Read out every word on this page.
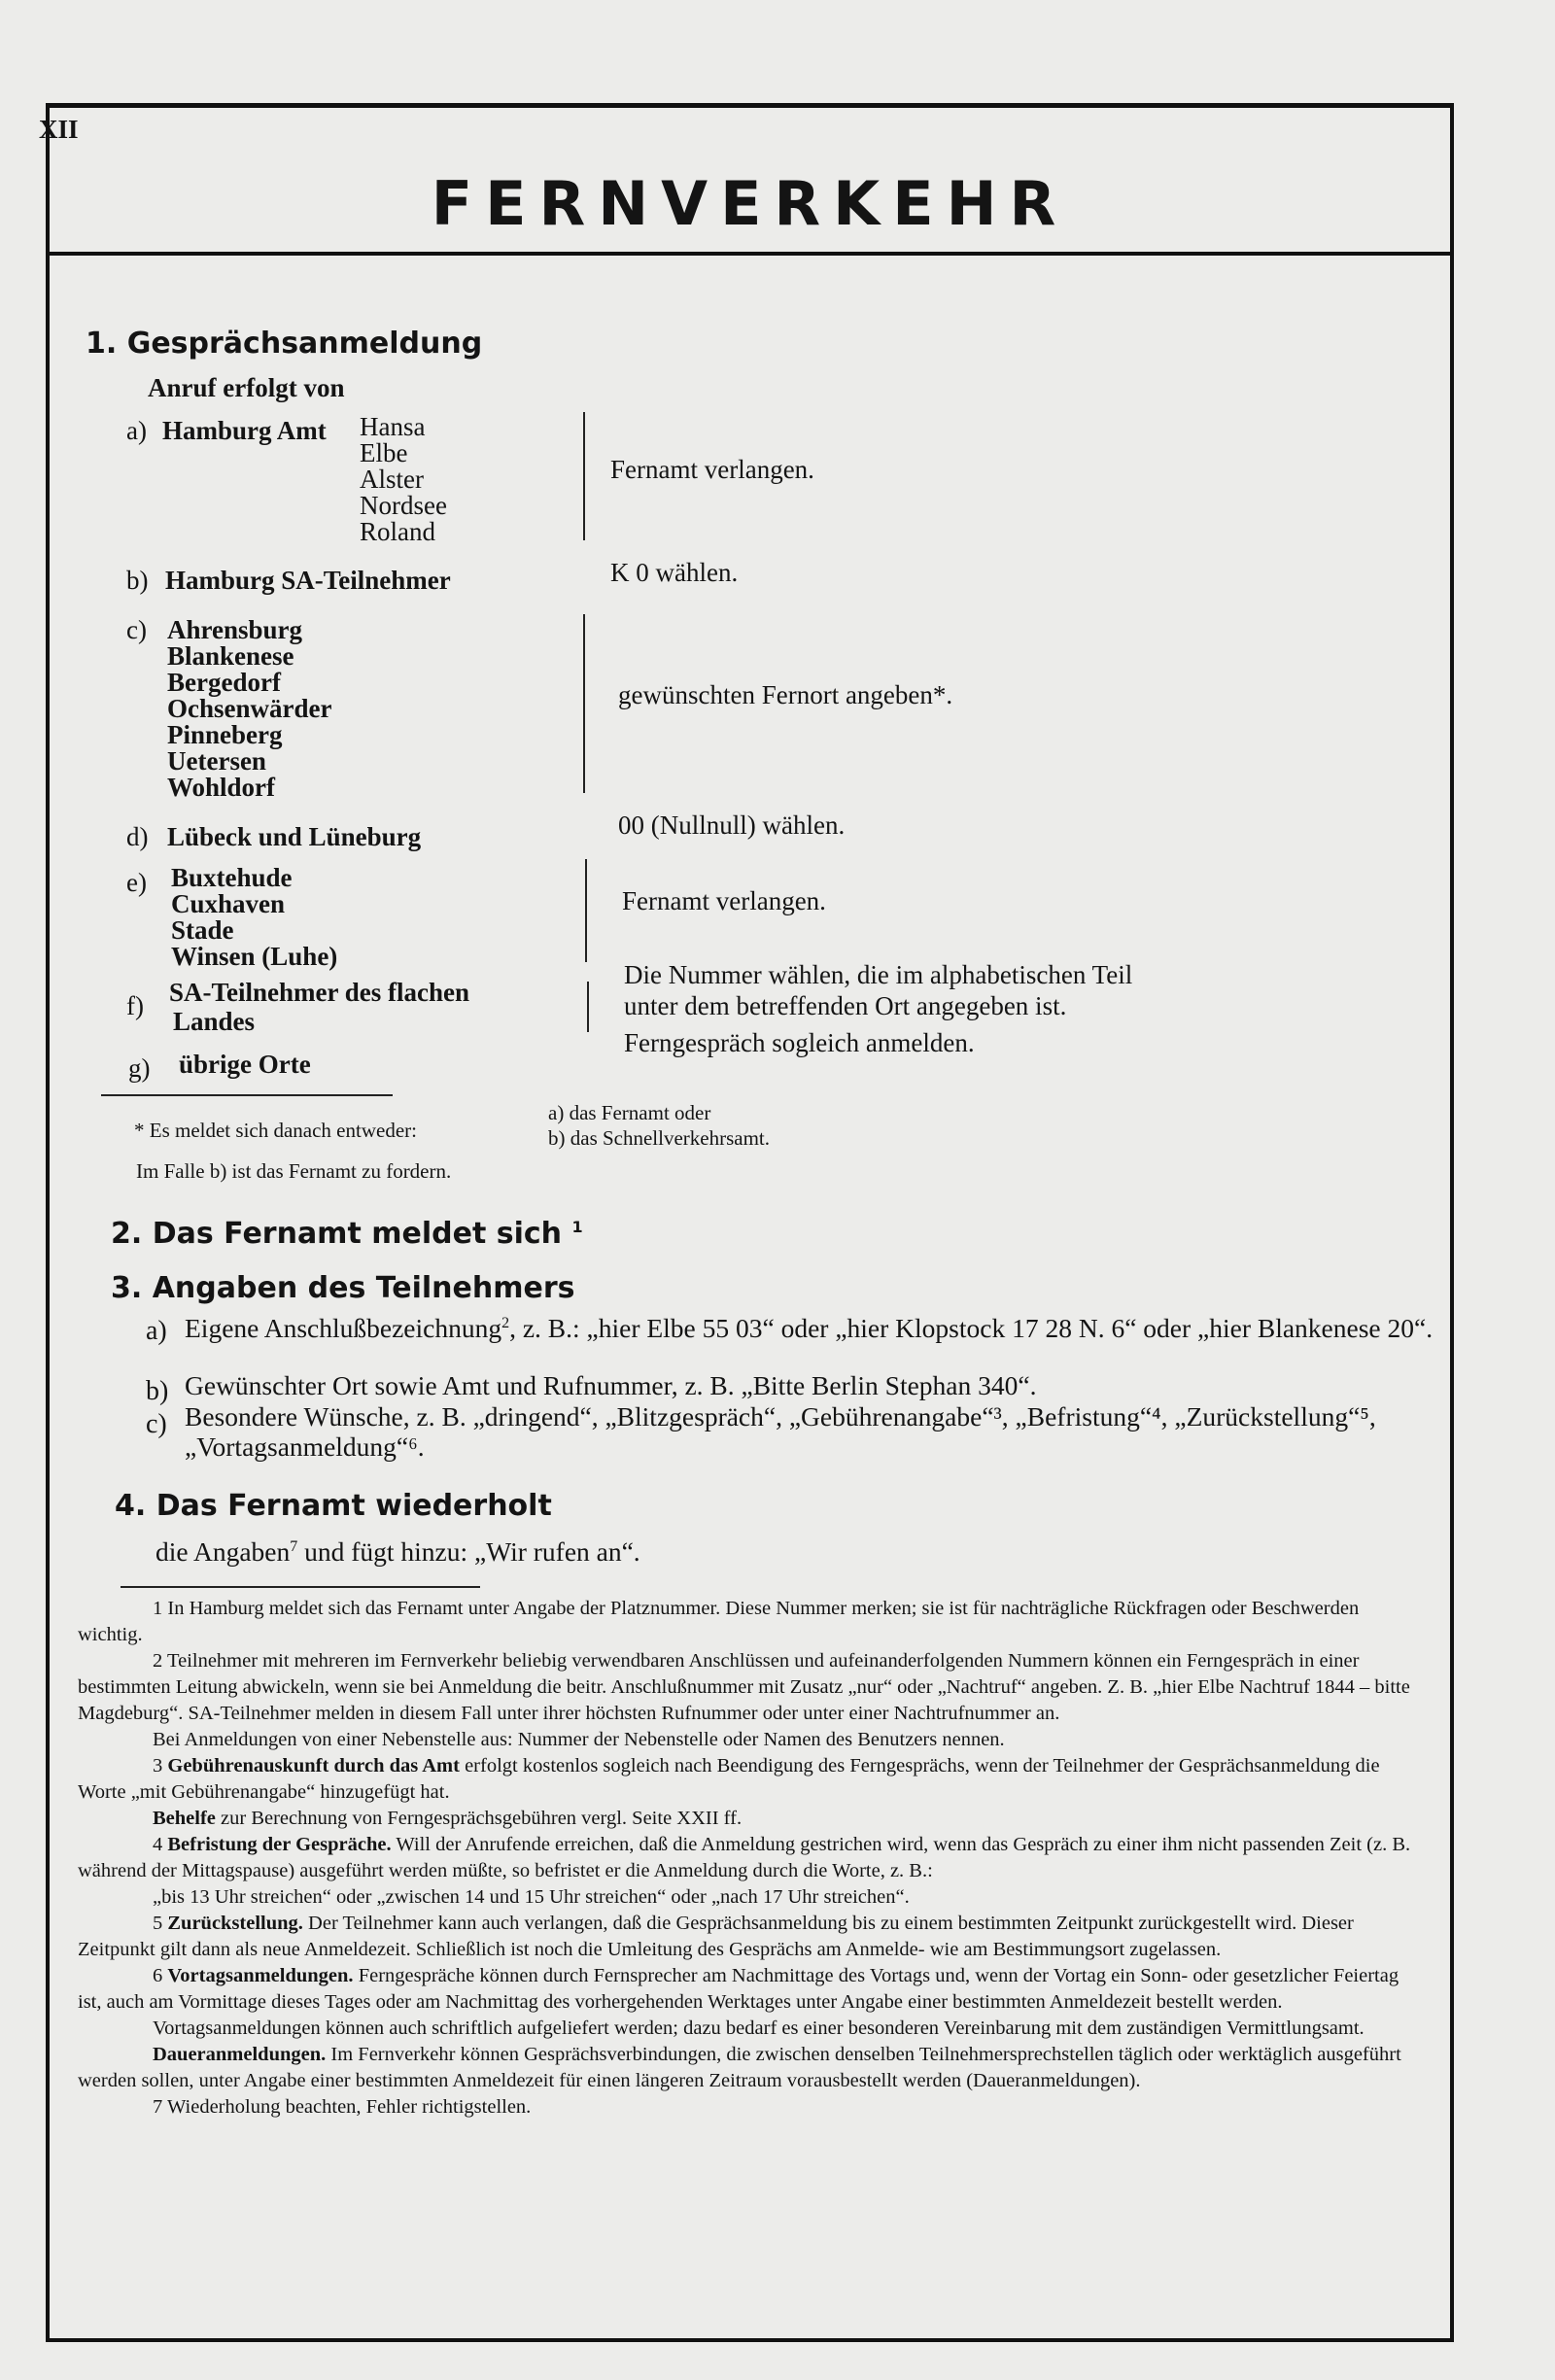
XII
FERNVERKEHR
1. Gesprächsanmeldung
Anruf erfolgt von
a) Hamburg Amt Hansa
Elbe
Alster
Nordsee
Roland
Fernamt verlangen.
b) Hamburg SA-Teilnehmer	K 0 wählen.
c) Ahrensburg
Blankenese
Bergedorf
Ochsenwärder
Pinneberg
Uetersen
Wohldorf
gewünschten Fernort angeben*.
d) Lübeck und Lüneburg	00 (Nullnull) wählen.
e) Buxtehude
Cuxhaven
Stade
Winsen (Luhe)
Fernamt verlangen.
f) SA-Teilnehmer des flachen
Landes
Die Nummer wählen, die im alphabetischen Teil
unter dem betreffenden Ort angegeben ist.
g) übrige Orte
Ferngespräch sogleich anmelden.
* Es meldet sich danach entweder:
a) das Fernamt oder
b) das Schnellverkehrsamt.
Im Falle b) ist das Fernamt zu fordern.
2. Das Fernamt meldet sich $^1$
3. Angaben des Teilnehmers
a) Eigene Anschlußbezeichnung$^2$, z. B.: „hier Elbe 55 03“ oder „hier Klopstock 17 28 N. 6“ oder „hier Blankenese 20“.
b) Gewünschter Ort sowie Amt und Rufnummer, z. B. „Bitte Berlin Stephan 340“.
c) Besondere Wünsche, z. B. „dringend“, „Blitzgespräch“, „Gebührenangabe“³, „Befristung“⁴, „Zurückstellung“⁵, „Vortagsanmeldung“⁶.
4. Das Fernamt wiederholt
die Angaben$^7$ und fügt hinzu: „Wir rufen an“.

1 In Hamburg meldet sich das Fernamt unter Angabe der Platznummer. Diese Nummer merken; sie ist für nachträgliche Rückfragen oder Beschwerden wichtig.

2 Teilnehmer mit mehreren im Fernverkehr beliebig verwendbaren Anschlüssen und aufeinanderfolgenden Nummern können ein Ferngespräch in einer bestimmten Leitung abwickeln, wenn sie bei Anmeldung die beitr. Anschlußnummer mit Zusatz „nur“ oder „Nachtruf“ angeben. Z. B. „hier Elbe Nachtruf 1844 – bitte Magdeburg“. SA-Teilnehmer melden in diesem Fall unter ihrer höchsten Rufnummer oder unter einer Nachtrufnummer an.

Bei Anmeldungen von einer Nebenstelle aus: Nummer der Nebenstelle oder Namen des Benutzers nennen.

3 Gebührenauskunft durch das Amt erfolgt kostenlos sogleich nach Beendigung des Ferngesprächs, wenn der Teilnehmer der Gesprächsanmeldung die Worte „mit Gebührenangabe“ hinzugefügt hat.

Behelfe zur Berechnung von Ferngesprächsgebühren vergl. Seite XXII ff.

4 Befristung der Gespräche. Will der Anrufende erreichen, daß die Anmeldung gestrichen wird, wenn das Gespräch zu einer ihm nicht passenden Zeit (z. B. während der Mittagspause) ausgeführt werden müßte, so befristet er die Anmeldung durch die Worte, z. B.:

„bis 13 Uhr streichen“ oder „zwischen 14 und 15 Uhr streichen“ oder „nach 17 Uhr streichen“.

5 Zurückstellung. Der Teilnehmer kann auch verlangen, daß die Gesprächsanmeldung bis zu einem bestimmten Zeitpunkt zurückgestellt wird. Dieser Zeitpunkt gilt dann als neue Anmeldezeit. Schließlich ist noch die Umleitung des Gesprächs am Anmelde- wie am Bestimmungsort zugelassen.

6 Vortagsanmeldungen. Ferngespräche können durch Fernsprecher am Nachmittage des Vortags und, wenn der Vortag ein Sonn- oder gesetzlicher Feiertag ist, auch am Vormittage dieses Tages oder am Nachmittag des vorhergehenden Werktages unter Angabe einer bestimmten Anmeldezeit bestellt werden.

Vortagsanmeldungen können auch schriftlich aufgeliefert werden; dazu bedarf es einer besonderen Vereinbarung mit dem zuständigen Vermittlungsamt.

Daueranmeldungen. Im Fernverkehr können Gesprächsverbindungen, die zwischen denselben Teilnehmersprechstellen täglich oder werktäglich ausgeführt werden sollen, unter Angabe einer bestimmten Anmeldezeit für einen längeren Zeitraum vorausbestellt werden (Daueranmeldungen).

7 Wiederholung beachten, Fehler richtigstellen.
